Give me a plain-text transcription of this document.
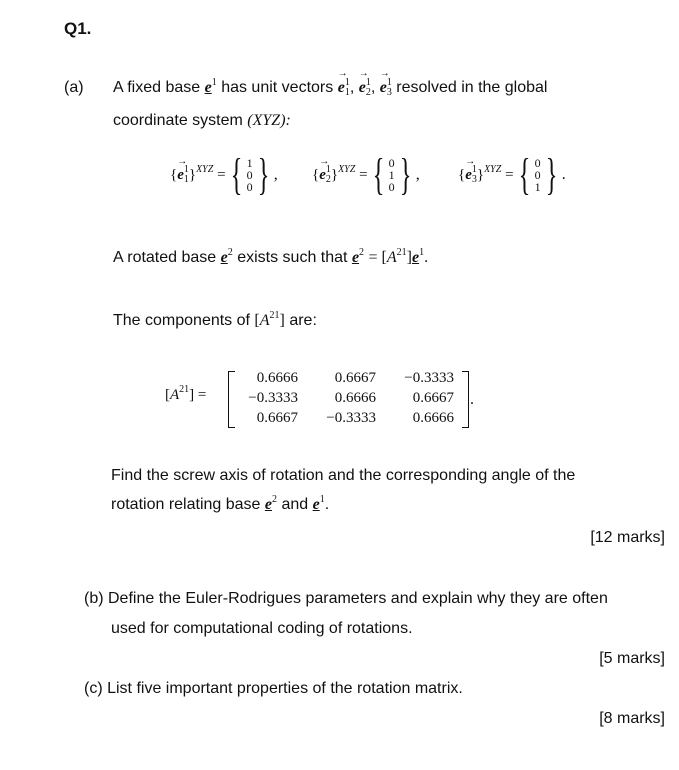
Q1.
(a) A fixed base $e^1$ has unit vectors → $e^1_1$, → $e^1_2$, → $e^1_3$ resolved in the global
coordinate system (XYZ):
{→ $e^1_1\}^{XYZ}$ = { 1
0
0 } , {→ $e^1_2\}^{XYZ}$ = { 0
1
0 } ,	{→ $e^1_3\}^{XYZ}$ = { 0
0
1 } .
A rotated base $e^2$ exists such that $e^2 = [A^{21}]e^1$.
The components of $[A^{21}]$ are:
$[A^{21}]$ =
0.6666	0.6667	−0.3333
−0.3333	0.6666	0.6667
0.6667	−0.3333	0.6666
.
Find the screw axis of rotation and the corresponding angle of the
rotation relating base $e^2$ and $e^1$.
[12 marks]
(b) Define the Euler-Rodrigues parameters and explain why they are often
used for computational coding of rotations.
[5 marks]
(c) List five important properties of the rotation matrix.
[8 marks]
